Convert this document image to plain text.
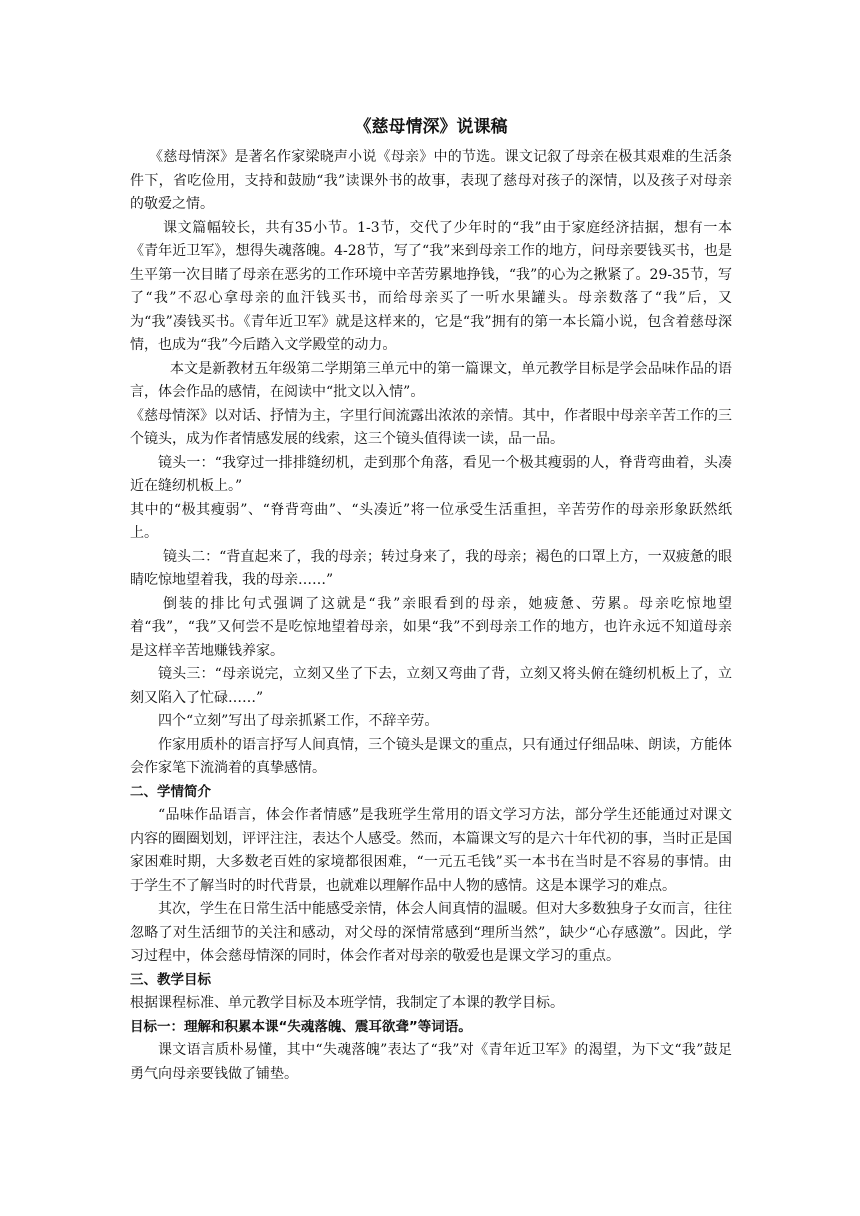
《慈母情深》说课稿

《慈母情深》是著名作家梁晓声小说《母亲》中的节选。课文记叙了母亲在极其艰难的生活条件下，省吃俭用，支持和鼓励“我”读课外书的故事，表现了慈母对孩子的深情，以及孩子对母亲的敬爱之情。

课文篇幅较长，共有35小节。1-3节，交代了少年时的“我”由于家庭经济拮据，想有一本《青年近卫军》，想得失魂落魄。4-28节，写了“我”来到母亲工作的地方，问母亲要钱买书，也是生平第一次目睹了母亲在恶劣的工作环境中辛苦劳累地挣钱，“我”的心为之揪紧了。29-35节，写了“我”不忍心拿母亲的血汗钱买书，而给母亲买了一听水果罐头。母亲数落了“我”后，又为“我”凑钱买书。《青年近卫军》就是这样来的，它是“我”拥有的第一本长篇小说，包含着慈母深情，也成为“我”今后踏入文学殿堂的动力。

本文是新教材五年级第二学期第三单元中的第一篇课文，单元教学目标是学会品味作品的语言，体会作品的感情，在阅读中“批文以入情”。

《慈母情深》以对话、抒情为主，字里行间流露出浓浓的亲情。其中，作者眼中母亲辛苦工作的三个镜头，成为作者情感发展的线索，这三个镜头值得读一读，品一品。

镜头一：“我穿过一排排缝纫机，走到那个角落，看见一个极其瘦弱的人，脊背弯曲着，头凑近在缝纫机板上。”

其中的“极其瘦弱”、“脊背弯曲”、“头凑近”将一位承受生活重担，辛苦劳作的母亲形象跃然纸上。

镜头二：“背直起来了，我的母亲；转过身来了，我的母亲；褐色的口罩上方，一双疲惫的眼睛吃惊地望着我，我的母亲……”

倒装的排比句式强调了这就是“我”亲眼看到的母亲，她疲惫、劳累。母亲吃惊地望着“我”，“我”又何尝不是吃惊地望着母亲，如果“我”不到母亲工作的地方，也许永远不知道母亲是这样辛苦地赚钱养家。

镜头三：“母亲说完，立刻又坐了下去，立刻又弯曲了背，立刻又将头俯在缝纫机板上了，立刻又陷入了忙碌……”

四个“立刻”写出了母亲抓紧工作，不辞辛劳。

作家用质朴的语言抒写人间真情，三个镜头是课文的重点，只有通过仔细品味、朗读，方能体会作家笔下流淌着的真挚感情。

二、学情简介

“品味作品语言，体会作者情感”是我班学生常用的语文学习方法，部分学生还能通过对课文内容的圈圈划划，评评注注，表达个人感受。然而，本篇课文写的是六十年代初的事，当时正是国家困难时期，大多数老百姓的家境都很困难，“一元五毛钱”买一本书在当时是不容易的事情。由于学生不了解当时的时代背景，也就难以理解作品中人物的感情。这是本课学习的难点。

其次，学生在日常生活中能感受亲情，体会人间真情的温暖。但对大多数独身子女而言，往往忽略了对生活细节的关注和感动，对父母的深情常感到“理所当然”，缺少“心存感激”。因此，学习过程中，体会慈母情深的同时，体会作者对母亲的敬爱也是课文学习的重点。

三、教学目标

根据课程标准、单元教学目标及本班学情，我制定了本课的教学目标。

目标一：理解和积累本课“失魂落魄、震耳欲聋”等词语。

课文语言质朴易懂，其中“失魂落魄”表达了“我”对《青年近卫军》的渴望，为下文“我”鼓足勇气向母亲要钱做了铺垫。
